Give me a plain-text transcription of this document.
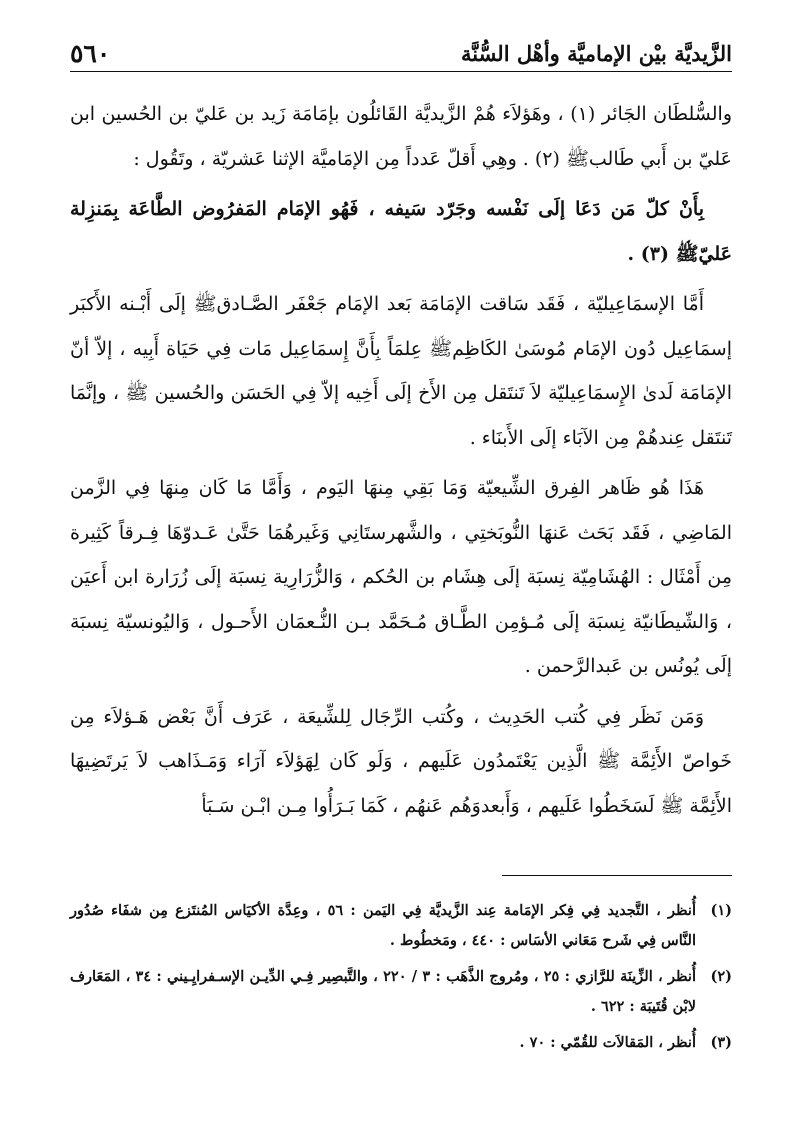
الزَّيديَّة بيْن الإماميَّة وأهْل السُّنَّة
٥٦٠

والسُّلطَان الجَائر (١) ، وهَؤلاَء هُمْ الزَّيديَّة القَائلُون بإمَامَة زَيد بن عَليّ بن الحُسين ابن عَليّ بن أَبي طَالبﷺ (٢) . وهِي أَقلّ عَدداً مِن الإمَاميَّة الإثنا عَشريّة ، وتَقُول :

بِأَنْ كلّ مَن دَعَا إلَى نَفْسه وجَرّد سَيفه ، فَهُو الإمَام المَفرُوض الطَّاعَة بِمَنزِلة عَليّﷺ (٣) .

أَمَّا الإسمَاعِيليّة ، فَقَد سَاقت الإمَامَة بَعد الإمَام جَعْفَر الصَّـادقﷺ إلَى أَبْـنه الأَكبَر إسمَاعِيل دُون الإمَام مُوسَىٰ الكَاظِمﷺ عِلمَاً بِأَنَّ إِسمَاعِيل مَات فِي حَيَاة أَبِيه ، إلاّ أنّ الإمَامَة لَدىٰ الإِسمَاعِيليّة لاَ تَنتَقل مِن الأَخ إلَى أَخِيه إلاّ فِي الحَسَن والحُسين ﷺ ، وإنَّمَا تَنتَقل عِندهُمْ مِن الآبَاء إلَى الأَبنَاء .

هَذَا هُو ظَاهر الفِرق الشِّيعيّة وَمَا بَقِي مِنهَا اليَوم ، وَأَمَّا مَا كَان مِنهَا فِي الزَّمن المَاضِي ، فَقَد بَحَث عَنهَا النُّوبَختِي ، والشَّهرستَانِي وَغَيرهُمَا حَتَّىٰ عَـدوّهَا فِـرقاً كَثِيرة مِن أَمْثَال : الهُشَامِيّة نِسبَة إلَى هِشَام بن الحُكم ، وَالزُّرَارِية نِسبَة إلَى زُرَارة ابن أَعيَن ، وَالشّيطَانيّة نِسبَة إلَى مُـؤمِن الطَّـاق مُـحَمَّد بـن النُّـعمَان الأَحـول ، وَاليُونسيّة نِسبَة إلَى يُونُس بن عَبدالرَّحمن .

وَمَن نَظَر فِي كُتب الحَدِيث ، وكُتب الرِّجَال لِلشِّيعَة ، عَرَف أَنَّ بَعْض هَـؤلاَء مِن خَواصّ الأَئِمَّة ﷺ الَّذِين يَعْتَمدُون عَلَيهم ، وَلَو كَان لِهَؤلاَء آرَاء وَمَـذَاهب لاَ يَرتَضِيهَا الأَئِمَّة ﷺ لَسَخَطُوا عَلَيهم ، وَأَبعدوَهُم عَنهُم ، كَمَا بَـرَأُوا مِـن ابْـن سَـبَأ

(١)
أُنظر ، التَّجديد فِي فِكر الإمَامة عِند الزَّيديَّة فِي اليَمن : ٥٦ ، وعِدَّة الأكيَاس المُنتَزع مِن شفَاء صُدُور النَّاس فِي شَرح مَعَاني الأسَاس : ٤٤٠ ، ومَخطُوط .
(٢)
أُنظر ، الزِّينَة للرَّازي : ٢٥ ، ومُروج الذَّهَب : ٣ / ٢٢٠ ، والتَّبصِير فِـي الدِّيـن الإسـفرايِـيني : ٣٤ ، المَعَارف لابْن قُتَيبَة : ٦٢٢ .
(٣)
أُنظر ، المَقالاَت للقُمّي : ٧٠ .
